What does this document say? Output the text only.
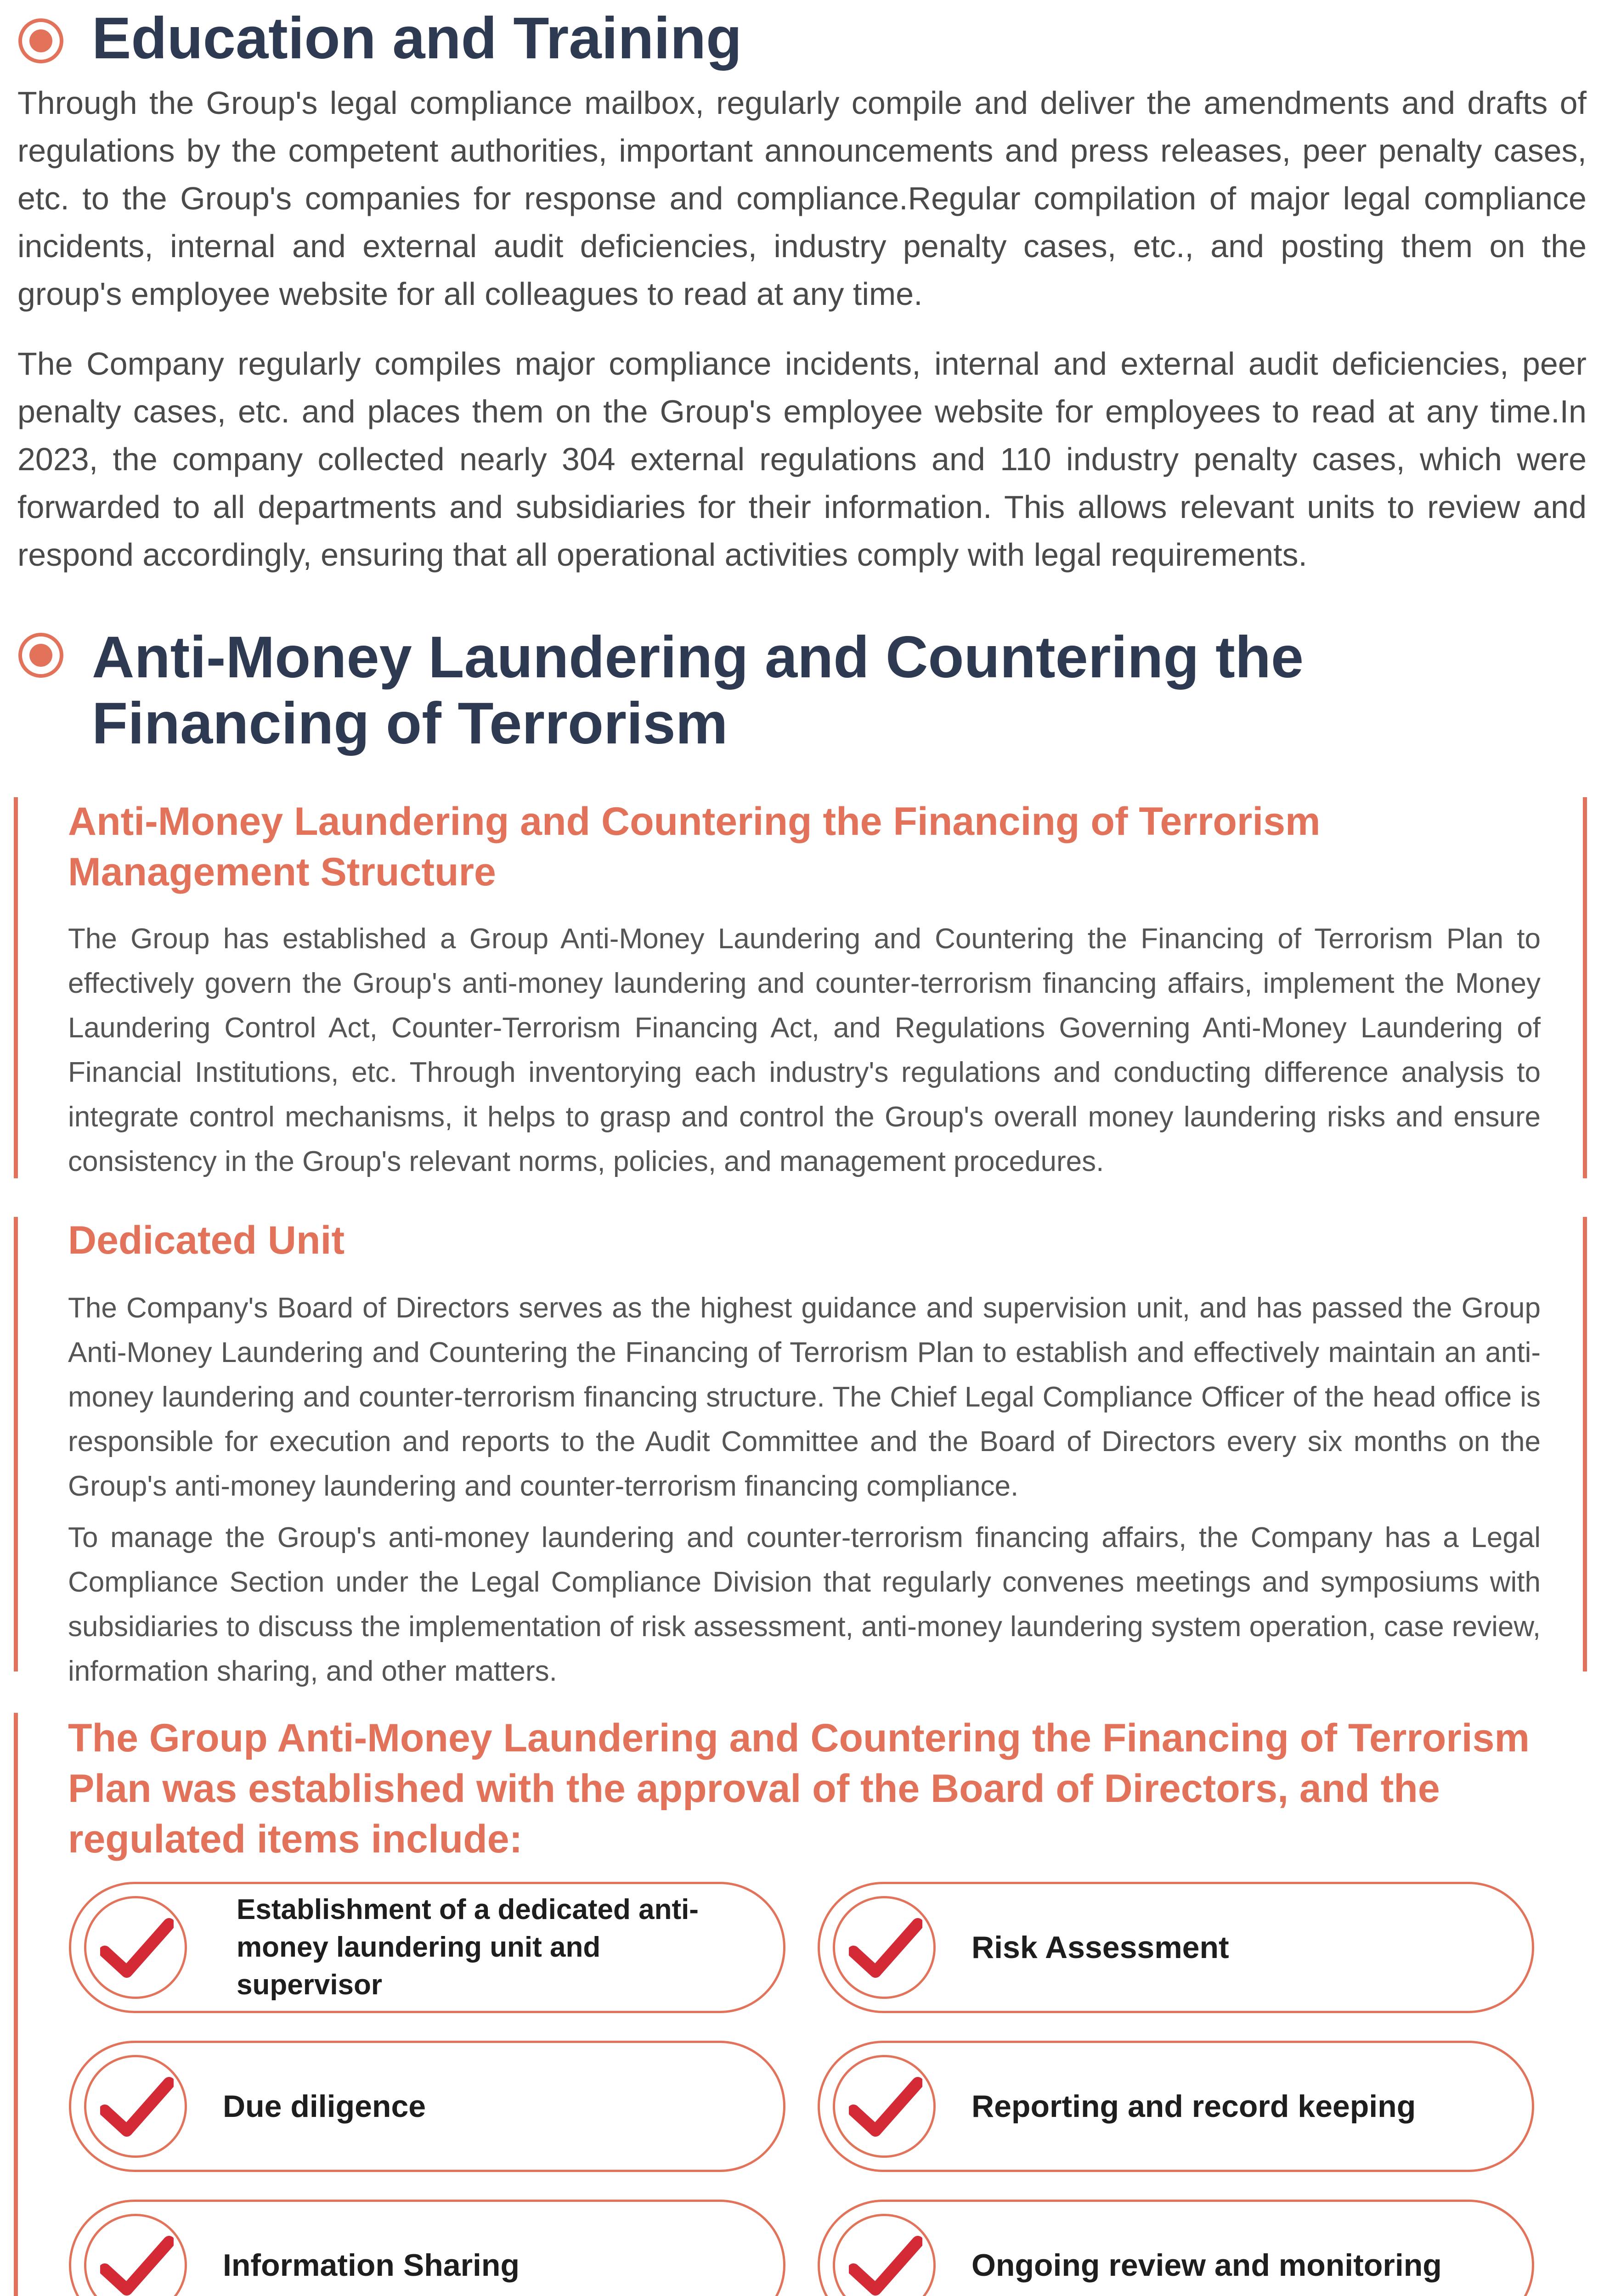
Education and Training

Through the Group's legal compliance mailbox, regularly compile and deliver the amendments and drafts of regulations by the competent authorities, important announcements and press releases, peer penalty cases, etc. to the Group's companies for response and compliance.Regular compilation of major legal compliance incidents, internal and external audit deficiencies, industry penalty cases, etc., and posting them on the group's employee website for all colleagues to read at any time.

The Company regularly compiles major compliance incidents, internal and external audit deficiencies, peer penalty cases, etc. and places them on the Group's employee website for employees to read at any time.In 2023, the company collected nearly 304 external regulations and 110 industry penalty cases, which were forwarded to all departments and subsidiaries for their information. This allows relevant units to review and respond accordingly, ensuring that all operational activities comply with legal requirements.

Anti-Money Laundering and Countering the Financing of Terrorism
Anti-Money Laundering and Countering the Financing of Terrorism Management Structure

The Group has established a Group Anti-Money Laundering and Countering the Financing of Terrorism Plan to effectively govern the Group's anti-money laundering and counter-terrorism financing affairs, implement the Money Laundering Control Act, Counter-Terrorism Financing Act, and Regulations Governing Anti-Money Laundering of Financial Institutions, etc. Through inventorying each industry's regulations and conducting difference analysis to integrate control mechanisms, it helps to grasp and control the Group's overall money laundering risks and ensure consistency in the Group's relevant norms, policies, and management procedures.

Dedicated Unit

The Company's Board of Directors serves as the highest guidance and supervision unit, and has passed the Group Anti-Money Laundering and Countering the Financing of Terrorism Plan to establish and effectively maintain an anti-money laundering and counter-terrorism financing structure. The Chief Legal Compliance Officer of the head office is responsible for execution and reports to the Audit Committee and the Board of Directors every six months on the Group's anti-money laundering and counter-terrorism financing compliance.

To manage the Group's anti-money laundering and counter-terrorism financing affairs, the Company has a Legal Compliance Section under the Legal Compliance Division that regularly convenes meetings and symposiums with subsidiaries to discuss the implementation of risk assessment, anti-money laundering system operation, case review, information sharing, and other matters.

The Group Anti-Money Laundering and Countering the Financing of Terrorism Plan was established with the approval of the Board of Directors, and the regulated items include:
Establishment of a dedicated anti-money laundering unit and supervisor
Risk Assessment
Due diligence	Reporting and record keeping
Information Sharing	Ongoing review and monitoring
